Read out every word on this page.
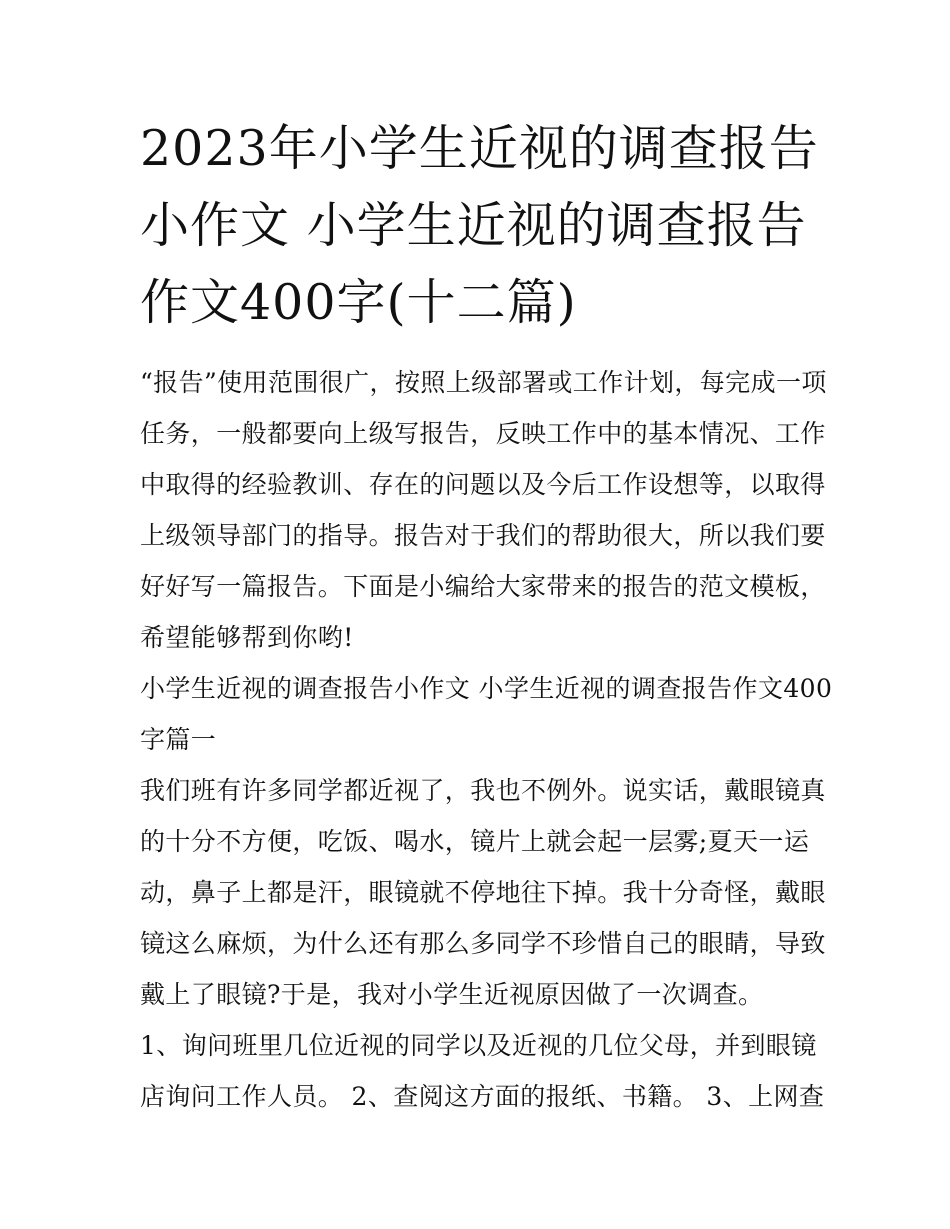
2023年小学生近视的调查报告
小作文 小学生近视的调查报告
作文400字(十二篇)

“报告”使用范围很广，按照上级部署或工作计划，每完成一项
任务，一般都要向上级写报告，反映工作中的基本情况、工作
中取得的经验教训、存在的问题以及今后工作设想等，以取得
上级领导部门的指导。报告对于我们的帮助很大，所以我们要
好好写一篇报告。下面是小编给大家带来的报告的范文模板，
希望能够帮到你哟!

小学生近视的调查报告小作文 小学生近视的调查报告作文400
字篇一

我们班有许多同学都近视了，我也不例外。说实话，戴眼镜真
的十分不方便，吃饭、喝水，镜片上就会起一层雾;夏天一运
动，鼻子上都是汗，眼镜就不停地往下掉。我十分奇怪，戴眼
镜这么麻烦，为什么还有那么多同学不珍惜自己的眼睛，导致
戴上了眼镜?于是，我对小学生近视原因做了一次调查。

1、询问班里几位近视的同学以及近视的几位父母，并到眼镜
店询问工作人员。 2、查阅这方面的报纸、书籍。 3、上网查
